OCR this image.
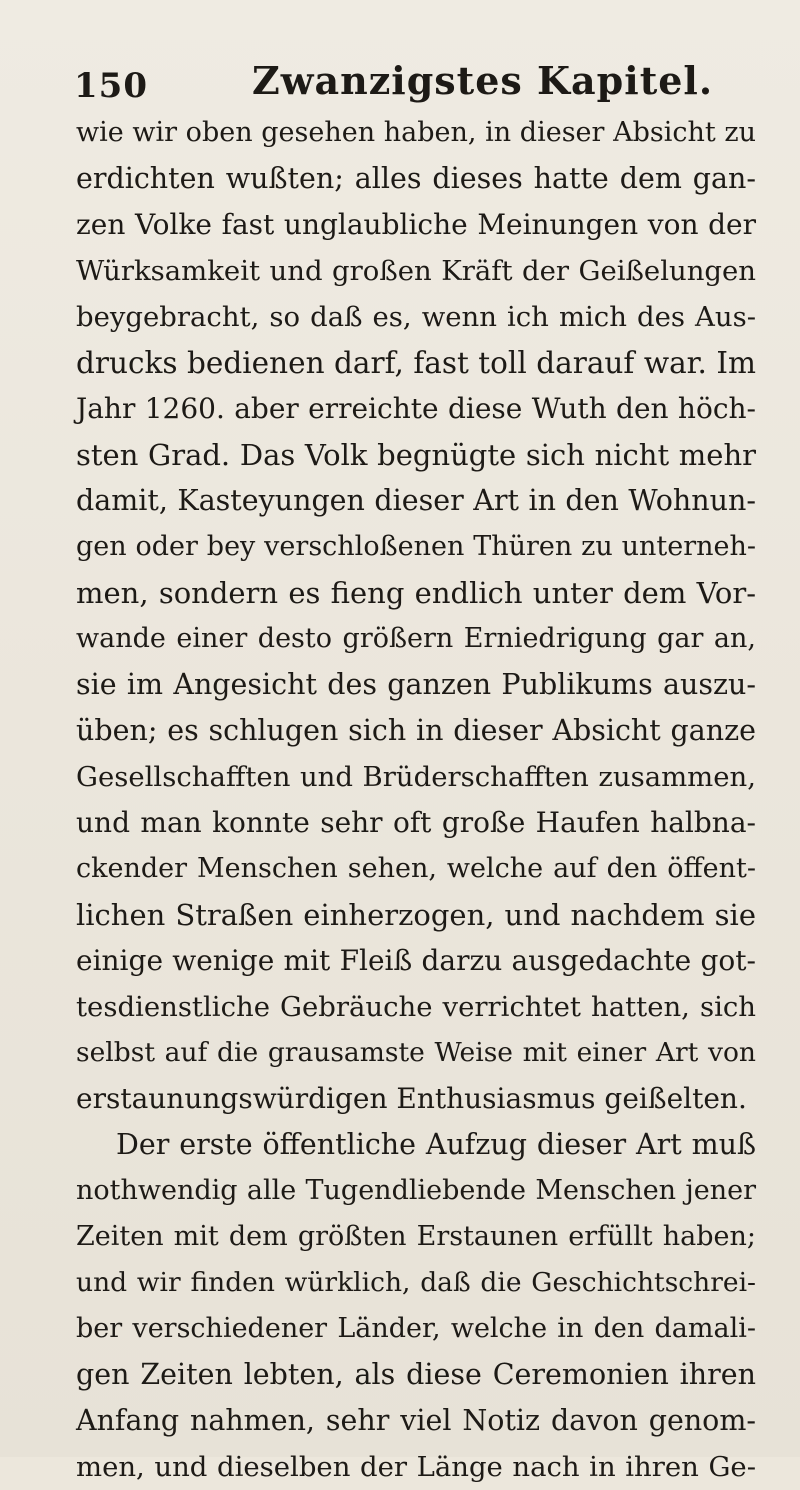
150	Zwanzigstes Kapitel.
wie wir oben gesehen haben, in dieser Absicht zu
erdichten wußten; alles dieses hatte dem gan-
zen Volke fast unglaubliche Meinungen von der
Würksamkeit und großen Kräft der Geißelungen
beygebracht, so daß es, wenn ich mich des Aus-
drucks bedienen darf, fast toll darauf war. Im
Jahr 1260. aber erreichte diese Wuth den höch-
sten Grad. Das Volk begnügte sich nicht mehr
damit, Kasteyungen dieser Art in den Wohnun-
gen oder bey verschloßenen Thüren zu unterneh-
men, sondern es fieng endlich unter dem Vor-
wande einer desto größern Erniedrigung gar an,
sie im Angesicht des ganzen Publikums auszu-
üben; es schlugen sich in dieser Absicht ganze
Gesellschafften und Brüderschafften zusammen,
und man konnte sehr oft große Haufen halbna-
ckender Menschen sehen, welche auf den öffent-
lichen Straßen einherzogen, und nachdem sie
einige wenige mit Fleiß darzu ausgedachte got-
tesdienstliche Gebräuche verrichtet hatten, sich
selbst auf die grausamste Weise mit einer Art von
erstaunungswürdigen Enthusiasmus geißelten.
Der erste öffentliche Aufzug dieser Art muß
nothwendig alle Tugendliebende Menschen jener
Zeiten mit dem größten Erstaunen erfüllt haben;
und wir finden würklich, daß die Geschichtschrei-
ber verschiedener Länder, welche in den damali-
gen Zeiten lebten, als diese Ceremonien ihren
Anfang nahmen, sehr viel Notiz davon genom-
men, und dieselben der Länge nach in ihren Ge-
